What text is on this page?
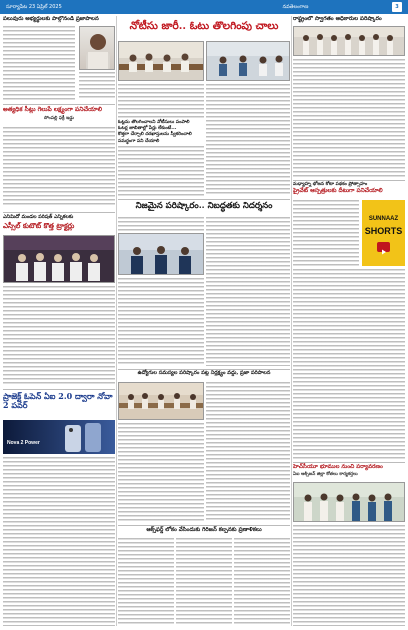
సూర్యాపేట 23 ఏప్రిల్ 2025	నవతెలంగాణ	3
పలువురు అభ్యర్థులకు పాల్గొనండి ప్రజాపాలన
అత్యధిక సీట్లు గెలుపే లక్ష్యంగా పనిచేయాలి
సోంపల్లి ఫక్రీ ఇడ్డు
ఎనిమిదో మండల పరిషత్ ఎన్నికలకు
ఎస్సీల్ కుటౌట్ కొత్త ట్రాక్టర్లు
ప్రాజెక్ట్ ఓపెన్ ఏఐ 2.0 ద్వారా నోవా 2 పవర్
Nova 2 Power
నోటీసు జారీ.. ఓటు తొలగింపు చాలు
ఓట్లను తొలగించాలని నోటీసులు పంపాలి
ఓటర్ల జాబితాల్లో పేర్లు లేకుంటే...
కొత్తగా చేర్చాలి దరఖాస్తులను స్వీకరించాలి
సమర్థంగా పని చేయాలి
నిజమైన పరిష్కారం.. నిబద్ధతకు నిదర్శనం
ఉద్యోగుల సమస్యల పరిష్కారం పట్ల నిర్లక్ష్యం వద్దు, ప్రజా పరిపాలన
ఆక్స్‌ఫర్డ్ లోకం వేసిందుకు గిరిజన్ కల్పనకు ప్రణాళికలు
రాష్ట్రంలో స్వాగతం అధికారుల పరిష్కారం
మధ్యాహ్న భోజన కోటా పథకం ప్రోత్సాహం
ప్రైవేట్ ఆస్పత్రులకు దీటుగా పనిచేయాలి
SUNNAAZ
SHORTS
హెచ్‌సీయూ భూముల నుంచి పర్యావరణం
ఏఐ ఆక్సిజన్ జిల్లా కోతలు కార్యకర్తలు
